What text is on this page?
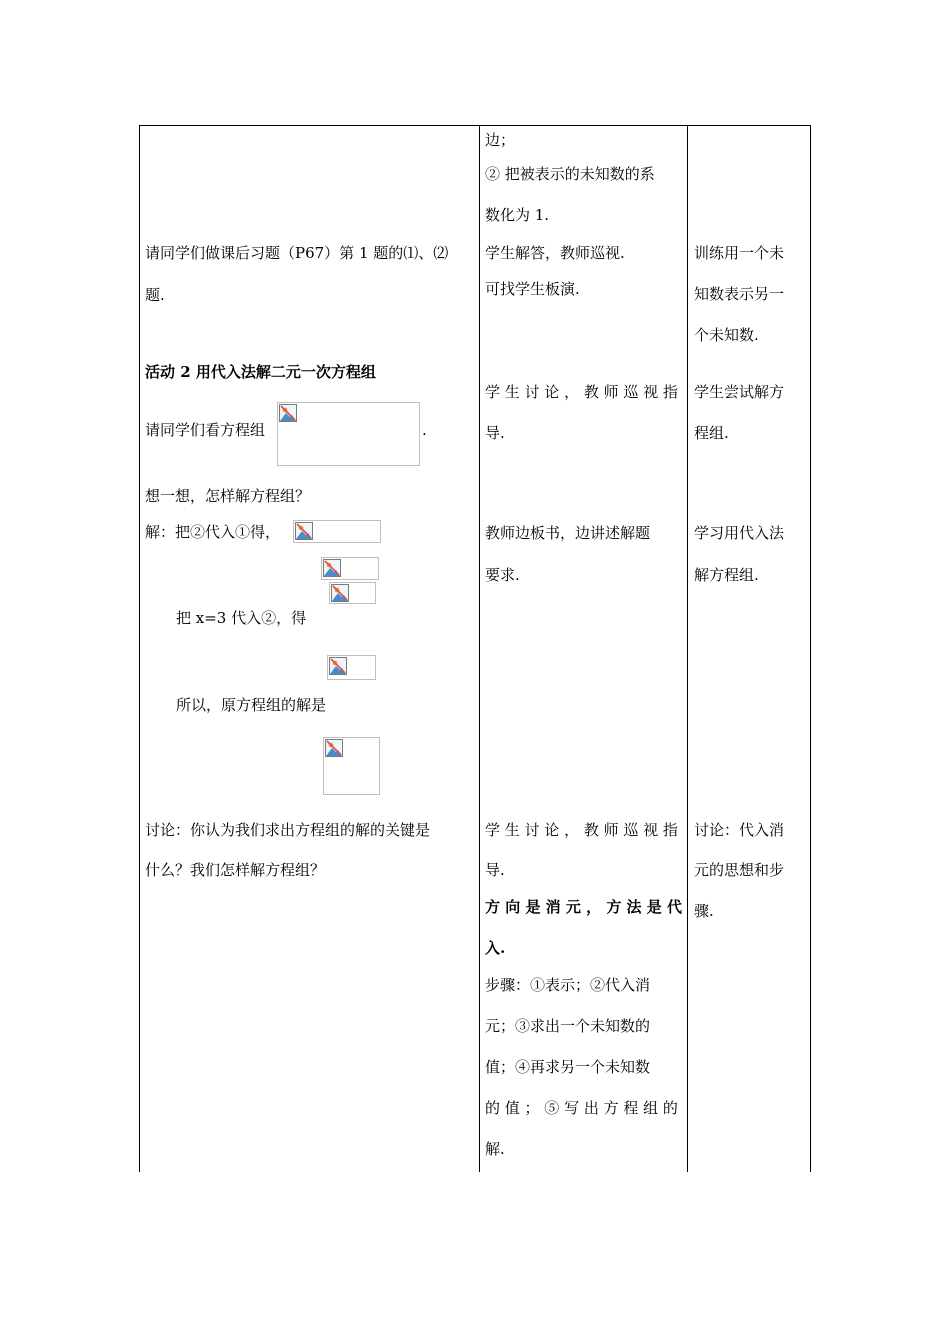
请同学们做课后习题（P67）第 1 题的⑴、⑵
题.
活动 2 用代入法解二元一次方程组
请同学们看方程组	.
想一想，怎样解方程组？
解：把②代入①得，
把 x=3 代入②，得
所以，原方程组的解是
讨论：你认为我们求出方程组的解的关键是
什么？我们怎样解方程组？
边；
② 把被表示的未知数的系
数化为 1.
学生解答，教师巡视.
可找学生板演.
学 生 讨 论 ， 教 师 巡 视 指
导.
教师边板书，边讲述解题
要求.
学 生 讨 论 ， 教 师 巡 视 指
导.
方 向 是 消 元 ， 方 法 是 代
入.
步骤：①表示；②代入消
元；③求出一个未知数的
值；④再求另一个未知数
的 值 ； ⑤ 写 出 方 程 组 的
解.
训练用一个未
知数表示另一
个未知数.
学生尝试解方
程组.
学习用代入法
解方程组.
讨论：代入消
元的思想和步
骤.
